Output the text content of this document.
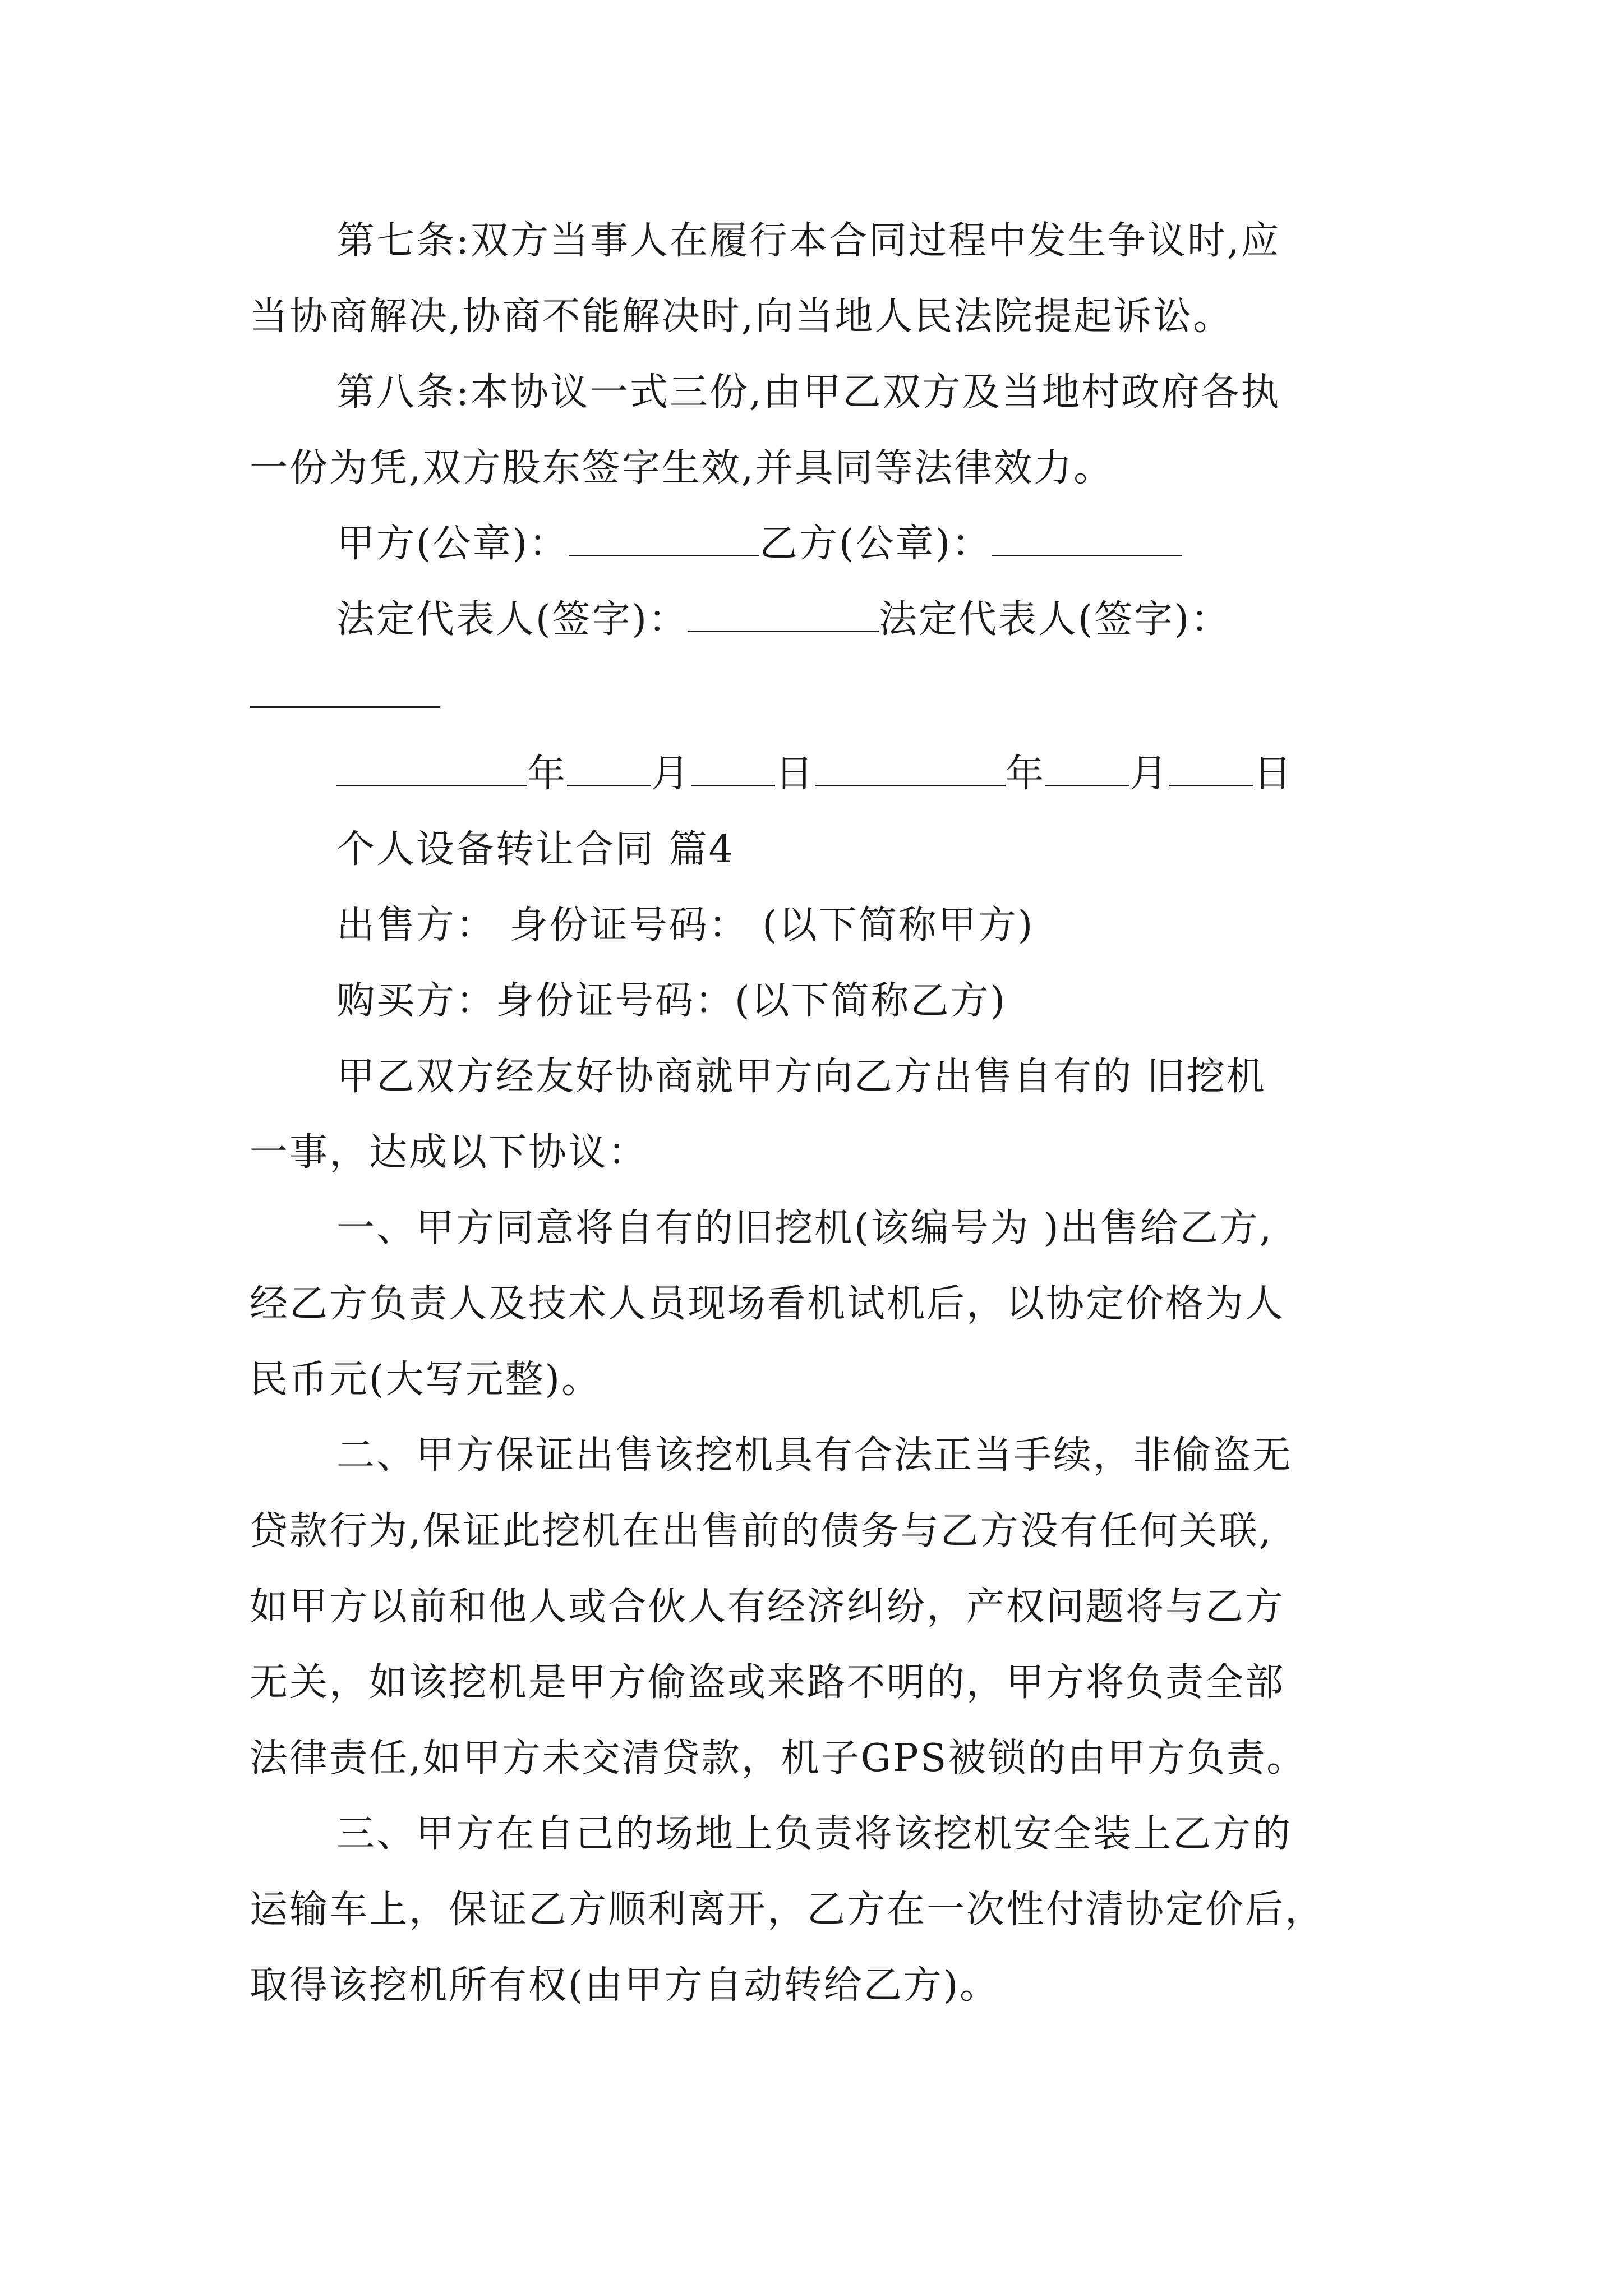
第七条:双方当事人在履行本合同过程中发生争议时,应
当协商解决,协商不能解决时,向当地人民法院提起诉讼。
第八条:本协议一式三份,由甲乙双方及当地村政府各执
一份为凭,双方股东签字生效,并具同等法律效力。
甲方(公章)：	乙方(公章)：
法定代表人(签字)：	法定代表人(签字)：
年 月 日	年 月 日
个人设备转让合同 篇4
出售方： 身份证号码： (以下简称甲方)
购买方：身份证号码：(以下简称乙方)
甲乙双方经友好协商就甲方向乙方出售自有的 旧挖机
一事，达成以下协议：
一、甲方同意将自有的旧挖机(该编号为 )出售给乙方,
经乙方负责人及技术人员现场看机试机后，以协定价格为人
民币元(大写元整)。
二、甲方保证出售该挖机具有合法正当手续，非偷盗无
贷款行为,保证此挖机在出售前的债务与乙方没有任何关联,
如甲方以前和他人或合伙人有经济纠纷，产权问题将与乙方
无关，如该挖机是甲方偷盗或来路不明的，甲方将负责全部
法律责任,如甲方未交清贷款，机子GPS被锁的由甲方负责。
三、甲方在自己的场地上负责将该挖机安全装上乙方的
运输车上，保证乙方顺利离开，乙方在一次性付清协定价后，
取得该挖机所有权(由甲方自动转给乙方)。
